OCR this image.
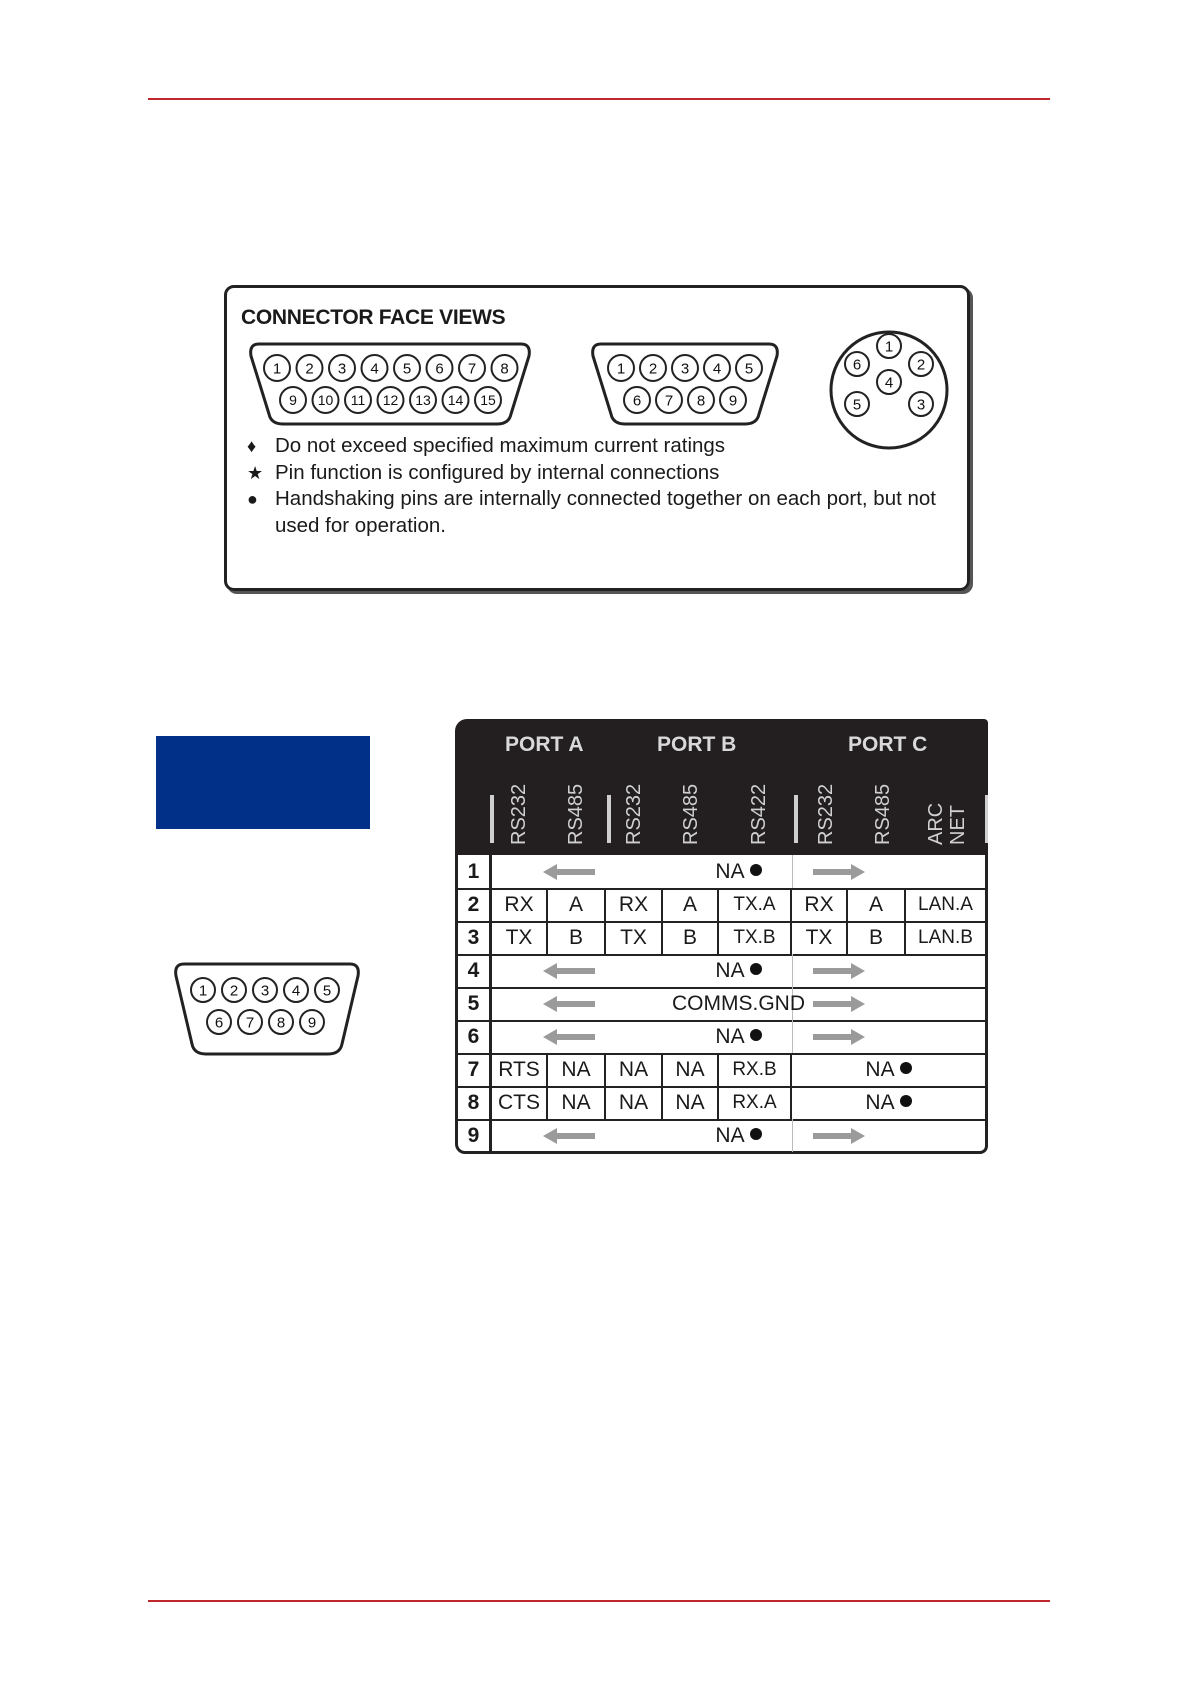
CONNECTOR FACE VIEWS
1 2 3 4 5 6 7 8
9 10 11 12 13 14 15
1 2 3 4 5
6 7 8 9
1
2
3
4
5
6
♦ Do not exceed specified maximum current ratings
★ Pin function is configured by internal connections
● Handshaking pins are internally connected together on each port, but not used for operation.
1 2 3 4 5
6 7 8 9
PORT A	PORT B	PORT C
RS232 RS485 RS232 RS485 RS422 RS232 RS485 ARC NET
1	NA
2	RX	A	RX	A	TX.A	RX	A	LAN.A
3	TX	B	TX	B	TX.B	TX	B	LAN.B
4	NA
5	COMMS.GND
6	NA
7 RTS	NA	NA	NA	RX.B	NA
8 CTS	NA	NA	NA	RX.A	NA
9	NA
